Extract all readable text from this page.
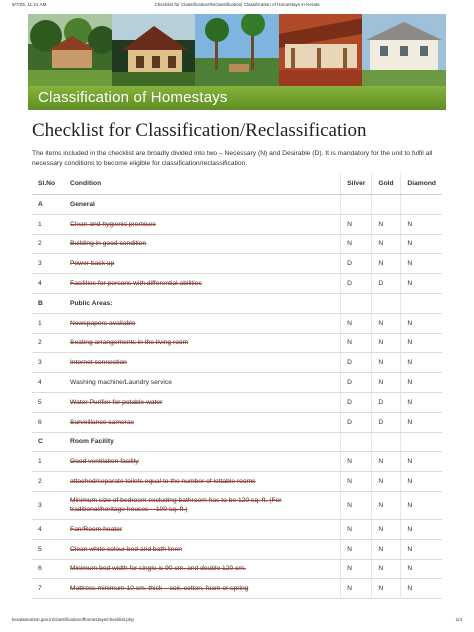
9/7/25, 11:21 AM	Checklist for Classification/Reclassification| Classification of Homestays in Kerala
Classification of Homestays
Checklist for Classification/Reclassification

The items included in the checklist are broadly divided into two – Necessary (N) and Desirable (D). It is mandatory for the unit to fulfil all necessary conditions to become eligible for classification/reclassification.

Sl.No	Condition	Silver	Gold	Diamond
A	General			
1	Clean and hygienic premises	N	N	N
2	Building in good condition	N	N	N
3	Power back up	D	N	N
4	Facilities for persons with differential abilities	D	D	N
B	Public Areas:			
1	Newspapers available	N	N	N
2	Seating arrangements in the living room	N	N	N
3	Internet connection	D	N	N
4	Washing machine/Laundry service	D	N	N
5	Water Purifier for potable water	D	D	N
6	Surveillance cameras	D	D	N
C	Room Facility			
1	Good ventilation facility	N	N	N
2	attached/separate toilets equal to the number of lettable rooms	N	N	N
3	Minimum size of bedroom excluding bathroom has to be 120 sq. ft. (For traditional/heritage houses – 100 sq. ft.)	N	N	N
4	Fan/Room heater	N	N	N
5	Clean white colour bed and bath linen	N	N	N
6	Minimum bed width for single is 90 cm. and double 120 cm.	N	N	N
7	Mattress minimum 10 cm. thick – coir, cotton, foam or spring	N	N	N
keralatourism.gov.in/classificationofhomestays/checklist.php	1/4
